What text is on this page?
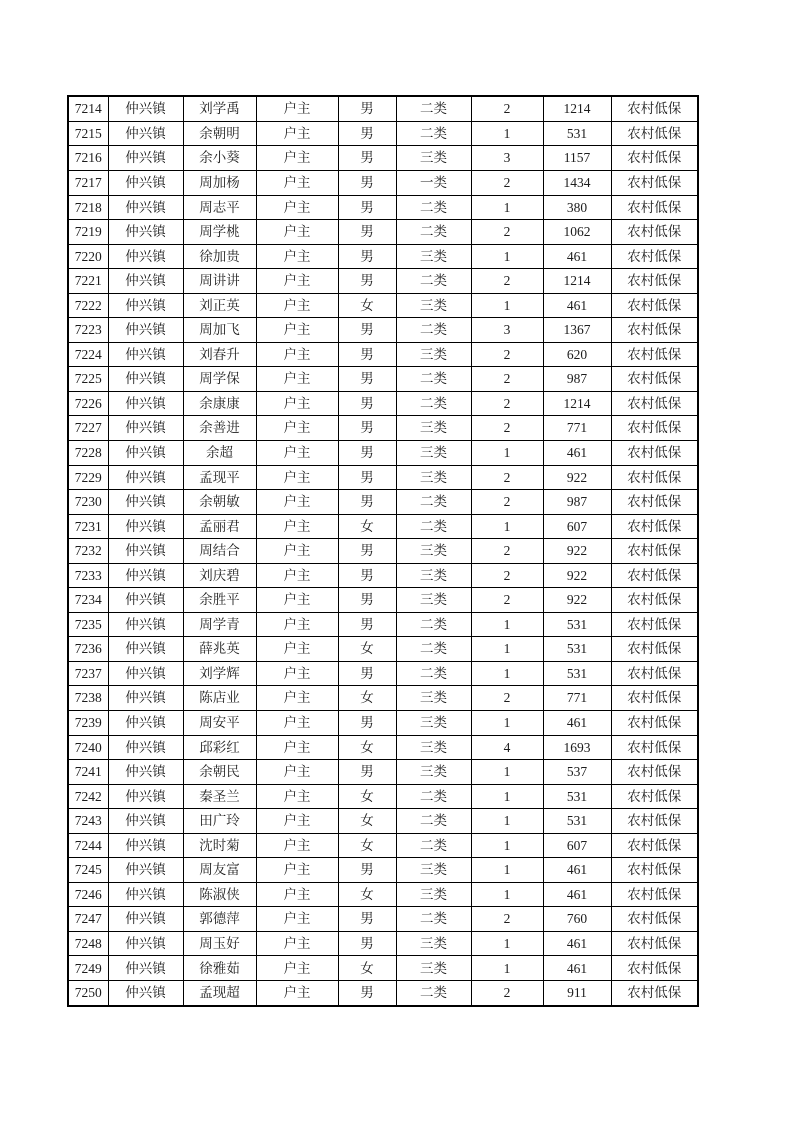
7214	仲兴镇	刘学禹	户主	男	二类	2	1214	农村低保
7215	仲兴镇	余朝明	户主	男	二类	1	531	农村低保
7216	仲兴镇	余小葵	户主	男	三类	3	1157	农村低保
7217	仲兴镇	周加杨	户主	男	一类	2	1434	农村低保
7218	仲兴镇	周志平	户主	男	二类	1	380	农村低保
7219	仲兴镇	周学桃	户主	男	二类	2	1062	农村低保
7220	仲兴镇	徐加贵	户主	男	三类	1	461	农村低保
7221	仲兴镇	周讲讲	户主	男	二类	2	1214	农村低保
7222	仲兴镇	刘正英	户主	女	三类	1	461	农村低保
7223	仲兴镇	周加飞	户主	男	二类	3	1367	农村低保
7224	仲兴镇	刘春升	户主	男	三类	2	620	农村低保
7225	仲兴镇	周学保	户主	男	二类	2	987	农村低保
7226	仲兴镇	余康康	户主	男	二类	2	1214	农村低保
7227	仲兴镇	余善进	户主	男	三类	2	771	农村低保
7228	仲兴镇	余超	户主	男	三类	1	461	农村低保
7229	仲兴镇	孟现平	户主	男	三类	2	922	农村低保
7230	仲兴镇	余朝敏	户主	男	二类	2	987	农村低保
7231	仲兴镇	孟丽君	户主	女	二类	1	607	农村低保
7232	仲兴镇	周结合	户主	男	三类	2	922	农村低保
7233	仲兴镇	刘庆碧	户主	男	三类	2	922	农村低保
7234	仲兴镇	余胜平	户主	男	三类	2	922	农村低保
7235	仲兴镇	周学青	户主	男	二类	1	531	农村低保
7236	仲兴镇	薛兆英	户主	女	二类	1	531	农村低保
7237	仲兴镇	刘学辉	户主	男	二类	1	531	农村低保
7238	仲兴镇	陈店业	户主	女	三类	2	771	农村低保
7239	仲兴镇	周安平	户主	男	三类	1	461	农村低保
7240	仲兴镇	邱彩红	户主	女	三类	4	1693	农村低保
7241	仲兴镇	余朝民	户主	男	三类	1	537	农村低保
7242	仲兴镇	秦圣兰	户主	女	二类	1	531	农村低保
7243	仲兴镇	田广玲	户主	女	二类	1	531	农村低保
7244	仲兴镇	沈时菊	户主	女	二类	1	607	农村低保
7245	仲兴镇	周友富	户主	男	三类	1	461	农村低保
7246	仲兴镇	陈淑侠	户主	女	三类	1	461	农村低保
7247	仲兴镇	郭德萍	户主	男	二类	2	760	农村低保
7248	仲兴镇	周玉好	户主	男	三类	1	461	农村低保
7249	仲兴镇	徐雅茹	户主	女	三类	1	461	农村低保
7250	仲兴镇	孟现超	户主	男	二类	2	911	农村低保
